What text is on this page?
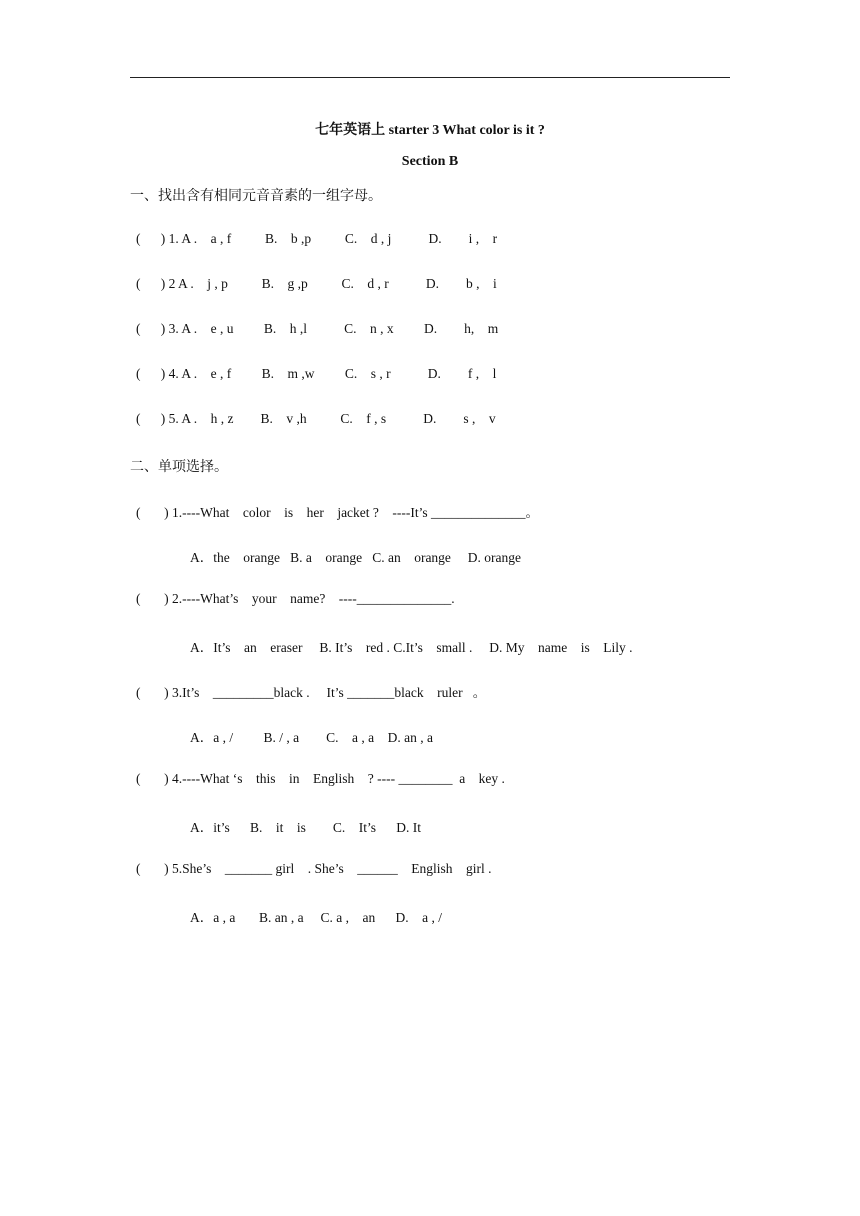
七年英语上 starter 3 What color is it ?
Section B
一、找出含有相同元音音素的一组字母。
(      ) 1. A .    a , f          B.    b ,p          C.    d , j           D.        i ,    r
(      ) 2 A .    j , p          B.    g ,p          C.    d , r           D.        b ,    i
(      ) 3. A .    e , u         B.    h ,l           C.    n , x         D.        h,    m
(      ) 4. A .    e , f         B.    m ,w         C.    s , r           D.        f ,    l
(      ) 5. A .    h , z        B.    v ,h          C.    f , s           D.        s ,    v
二、单项选择。
(       ) 1.----What    color    is    her    jacket ?    ----It’s ______________。
A．the    orange   B. a    orange   C. an    orange     D. orange
(       ) 2.----What’s    your    name?    ----______________.
A．It’s    an    eraser     B. It’s    red . C.It’s    small .     D. My    name    is    Lily .
(       ) 3.It’s    _________black .     It’s _______black    ruler   。
A．a , /         B. / , a        C.    a , a    D. an , a
(       ) 4.----What ‘s    this    in    English    ? ---- ________  a    key .
A．it’s      B.    it    is        C.    It’s      D. It
(       ) 5.She’s    _______ girl    . She’s    ______    English    girl .
A．a , a       B. an , a     C. a ,    an      D.    a , /
